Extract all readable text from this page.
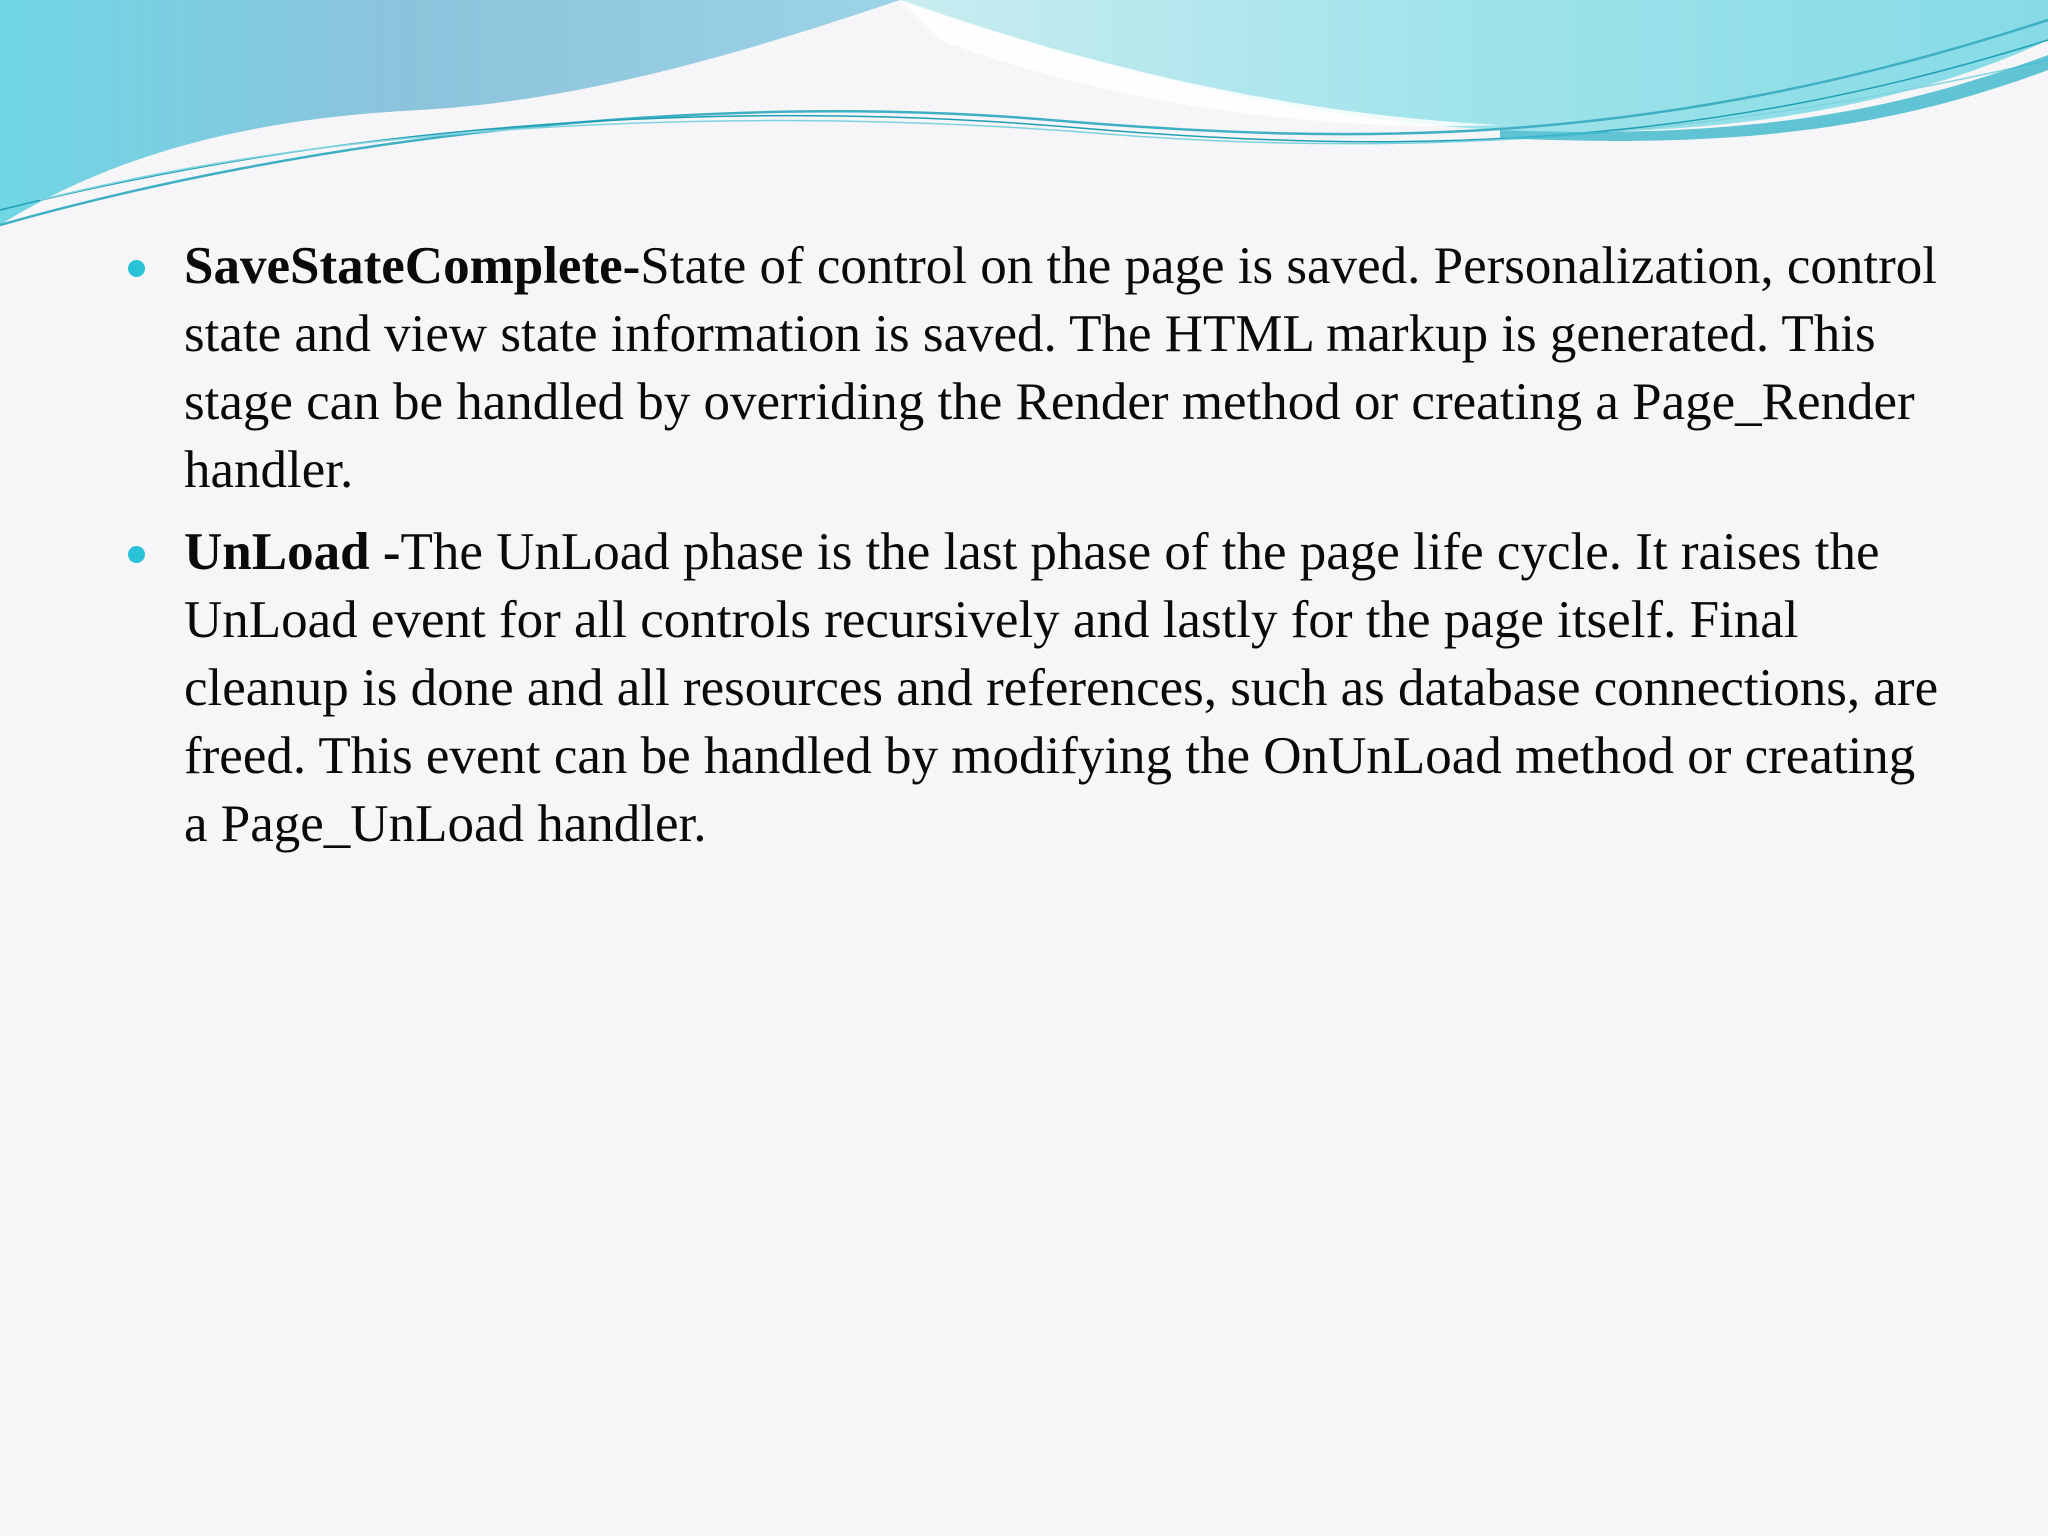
SaveStateComplete-State of control on the page is saved. Personalization, control state and view state information is saved. The HTML markup is generated. This stage can be handled by overriding the Render method or creating a Page_Render handler.
UnLoad -The UnLoad phase is the last phase of the page life cycle. It raises the UnLoad event for all controls recursively and lastly for the page itself. Final cleanup is done and all resources and references, such as database connections, are freed. This event can be handled by modifying the OnUnLoad method or creating a Page_UnLoad handler.
